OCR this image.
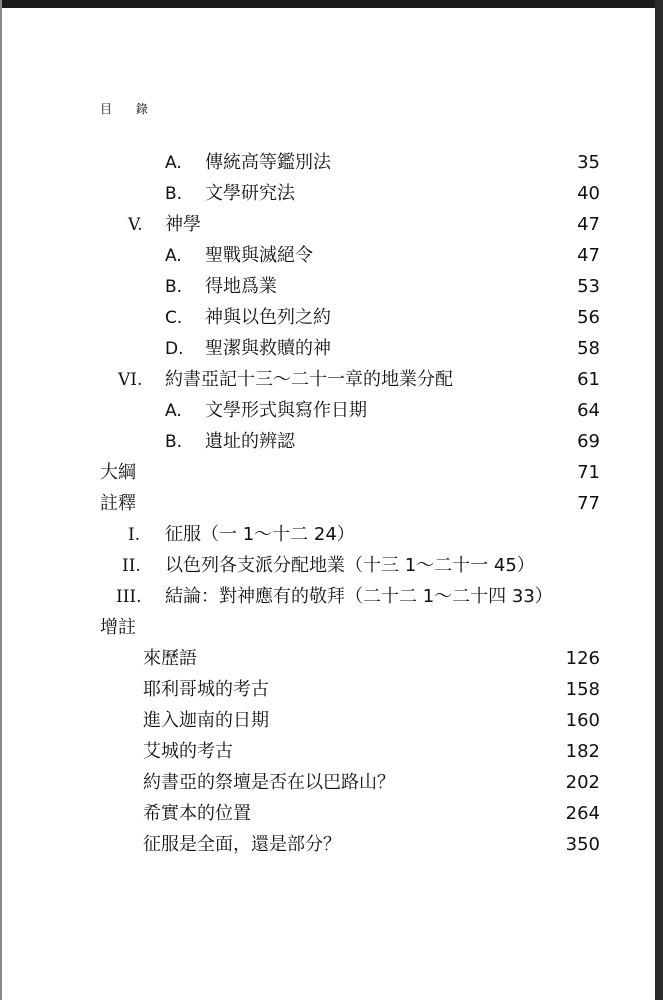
目 錄
A. 傳統高等鑑別法	35
B. 文學研究法	40
V. 神學	47
A. 聖戰與滅絕令	47
B. 得地爲業	53
C. 神與以色列之約	56
D. 聖潔與救贖的神	58
VI. 約書亞記十三～二十一章的地業分配	61
A. 文學形式與寫作日期	64
B. 遺址的辨認	69
大綱	71
註釋	77
I. 征服（一 1～十二 24）
II. 以色列各支派分配地業（十三 1～二十一 45）
III. 結論：對神應有的敬拜（二十二 1～二十四 33）
增註
來歷語	126
耶利哥城的考古	158
進入迦南的日期	160
艾城的考古	182
約書亞的祭壇是否在以巴路山？	202
希實本的位置	264
征服是全面，還是部分？	350
